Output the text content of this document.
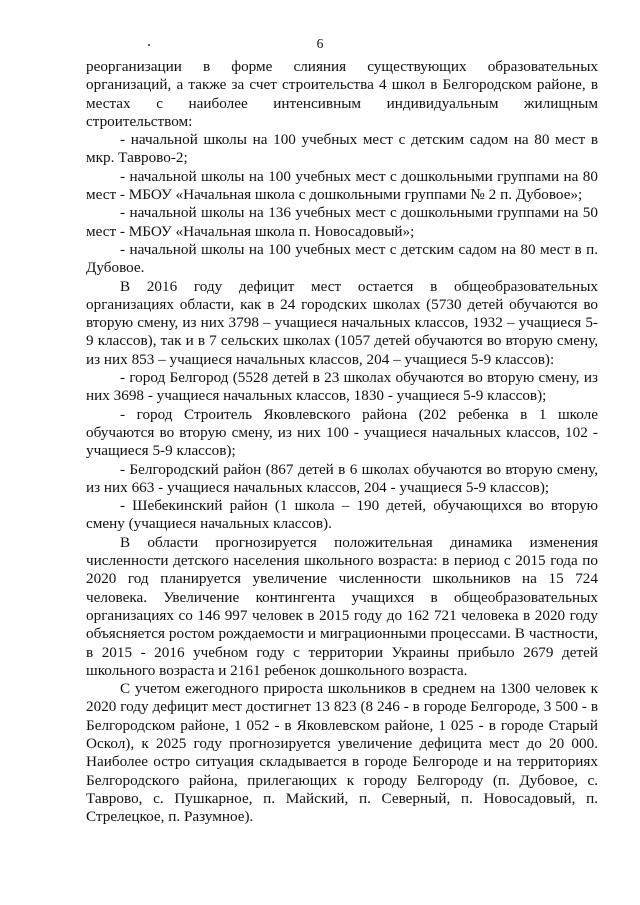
6

реорганизации в форме слияния существующих образовательных организаций, а также за счет строительства 4 школ в Белгородском районе, в местах с наиболее интенсивным индивидуальным жилищным строительством:

- начальной школы на 100 учебных мест с детским садом на 80 мест в мкр. Таврово-2;

- начальной школы на 100 учебных мест с дошкольными группами на 80 мест - МБОУ «Начальная школа с дошкольными группами № 2 п. Дубовое»;

- начальной школы на 136 учебных мест с дошкольными группами на 50 мест - МБОУ «Начальная школа п. Новосадовый»;

- начальной школы на 100 учебных мест с детским садом на 80 мест в п. Дубовое.

В 2016 году дефицит мест остается в общеобразовательных организациях области, как в 24 городских школах (5730 детей обучаются во вторую смену, из них 3798 – учащиеся начальных классов, 1932 – учащиеся 5-9 классов), так и в 7 сельских школах (1057 детей обучаются во вторую смену, из них 853 – учащиеся начальных классов, 204 – учащиеся 5-9 классов):

- город Белгород (5528 детей в 23 школах обучаются во вторую смену, из них 3698 - учащиеся начальных классов, 1830 - учащиеся 5-9 классов);

- город Строитель Яковлевского района (202 ребенка в 1 школе обучаются во вторую смену, из них 100 - учащиеся начальных классов, 102 - учащиеся 5-9 классов);

- Белгородский район (867 детей в 6 школах обучаются во вторую смену, из них 663 - учащиеся начальных классов, 204 - учащиеся 5-9 классов);

- Шебекинский район (1 школа – 190 детей, обучающихся во вторую смену (учащиеся начальных классов).

В области прогнозируется положительная динамика изменения численности детского населения школьного возраста: в период с 2015 года по 2020 год планируется увеличение численности школьников на 15 724 человека. Увеличение контингента учащихся в общеобразовательных организациях со 146 997 человек в 2015 году до 162 721 человека в 2020 году объясняется ростом рождаемости и миграционными процессами. В частности, в 2015 - 2016 учебном году с территории Украины прибыло 2679 детей школьного возраста и 2161 ребенок дошкольного возраста.

С учетом ежегодного прироста школьников в среднем на 1300 человек к 2020 году дефицит мест достигнет 13 823 (8 246 - в городе Белгороде, 3 500 - в Белгородском районе, 1 052 - в Яковлевском районе, 1 025 - в городе Старый Оскол), к 2025 году прогнозируется увеличение дефицита мест до 20 000. Наиболее остро ситуация складывается в городе Белгороде и на территориях Белгородского района, прилегающих к городу Белгороду (п. Дубовое, с. Таврово, с. Пушкарное, п. Майский, п. Северный, п. Новосадовый, п. Стрелецкое, п. Разумное).
